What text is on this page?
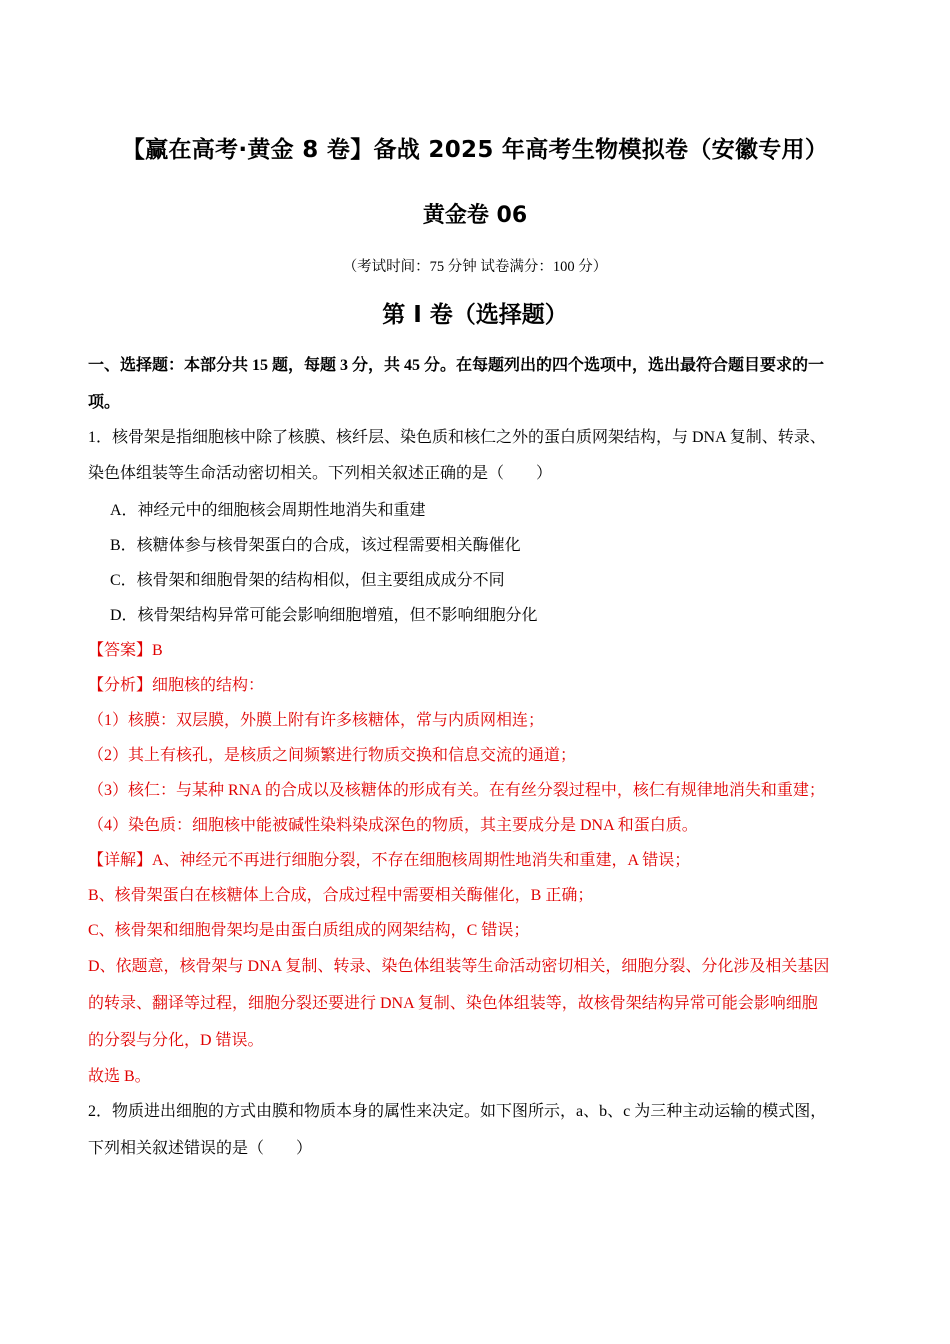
【赢在高考·黄金 8 卷】备战 2025 年高考生物模拟卷（安徽专用）
黄金卷 06
（考试时间：75 分钟 试卷满分：100 分）
第 I 卷（选择题）
一、选择题：本部分共 15 题，每题 3 分，共 45 分。在每题列出的四个选项中，选出最符合题目要求的一
项。
1．核骨架是指细胞核中除了核膜、核纤层、染色质和核仁之外的蛋白质网架结构，与 DNA 复制、转录、
染色体组装等生命活动密切相关。下列相关叙述正确的是（　　）
A．神经元中的细胞核会周期性地消失和重建
B．核糖体参与核骨架蛋白的合成，该过程需要相关酶催化
C．核骨架和细胞骨架的结构相似，但主要组成成分不同
D．核骨架结构异常可能会影响细胞增殖，但不影响细胞分化
【答案】B
【分析】细胞核的结构：
（1）核膜：双层膜，外膜上附有许多核糖体，常与内质网相连；
（2）其上有核孔，是核质之间频繁进行物质交换和信息交流的通道；
（3）核仁：与某种 RNA 的合成以及核糖体的形成有关。在有丝分裂过程中，核仁有规律地消失和重建；
（4）染色质：细胞核中能被碱性染料染成深色的物质，其主要成分是 DNA 和蛋白质。
【详解】A、神经元不再进行细胞分裂，不存在细胞核周期性地消失和重建，A 错误；
B、核骨架蛋白在核糖体上合成，合成过程中需要相关酶催化，B 正确；
C、核骨架和细胞骨架均是由蛋白质组成的网架结构，C 错误；
D、依题意，核骨架与 DNA 复制、转录、染色体组装等生命活动密切相关，细胞分裂、分化涉及相关基因
的转录、翻译等过程，细胞分裂还要进行 DNA 复制、染色体组装等，故核骨架结构异常可能会影响细胞
的分裂与分化，D 错误。
故选 B。
2．物质进出细胞的方式由膜和物质本身的属性来决定。如下图所示，a、b、c 为三种主动运输的模式图，
下列相关叙述错误的是（　　）
